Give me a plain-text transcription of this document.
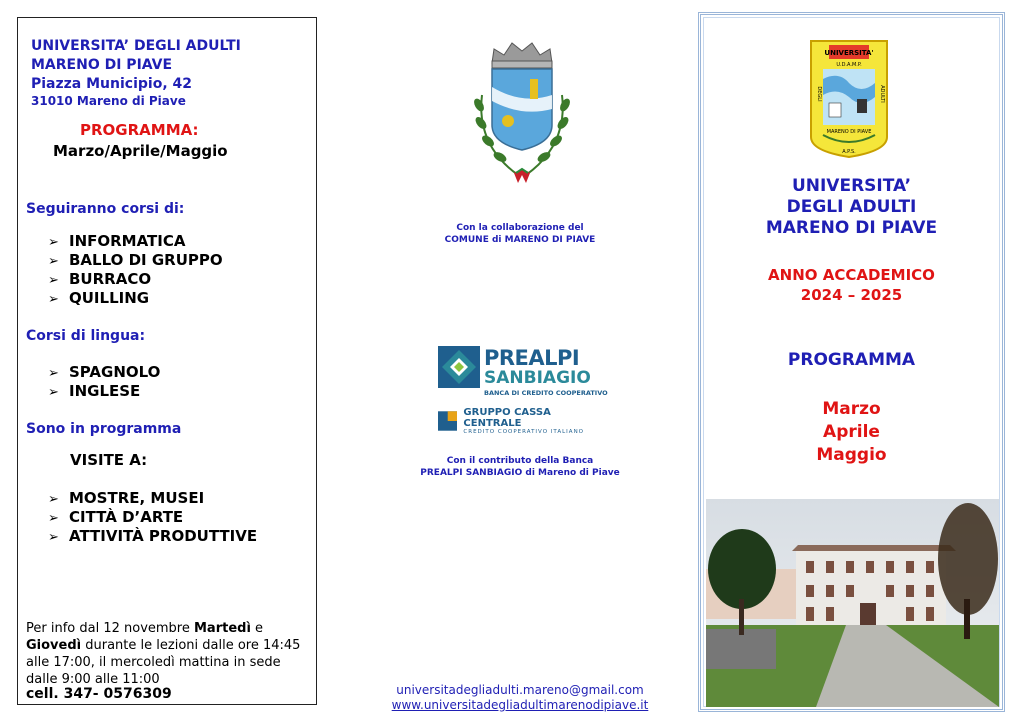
UNIVERSITA’ DEGLI ADULTI
MARENO DI PIAVE
Piazza Municipio, 42
31010 Mareno di Piave
PROGRAMMA:
Marzo/Aprile/Maggio
Seguiranno corsi di:
➢ INFORMATICA
➢ BALLO DI GRUPPO
➢ BURRACO
➢ QUILLING
Corsi di lingua:
➢ SPAGNOLO
➢ INGLESE
Sono in programma
VISITE A:
➢ MOSTRE, MUSEI
➢ CITTÀ D’ARTE
➢ ATTIVITÀ PRODUTTIVE
Per info dal 12 novembre Martedì e Giovedì durante le lezioni dalle ore 14:45 alle 17:00, il mercoledì mattina in sede dalle 9:00 alle 11:00
cell. 347- 0576309
Con la collaborazione del
COMUNE di MARENO DI PIAVE
PREALPI
SANBIAGIO
BANCA DI CREDITO COOPERATIVO
GRUPPO CASSA CENTRALE
CREDITO COOPERATIVO ITALIANO
Con il contributo della Banca
PREALPI SANBIAGIO di Mareno di Piave
universitadegliadulti.mareno@gmail.com
www.universitadegliadultimarenodipiave.it
UNIVERSITA'
U.D.A.M.P.
DEGLI	ADULTI
MARENO DI PIAVE
A.P.S.
UNIVERSITA’
DEGLI ADULTI
MARENO DI PIAVE
ANNO ACCADEMICO
2024 – 2025
PROGRAMMA
Marzo
Aprile
Maggio
